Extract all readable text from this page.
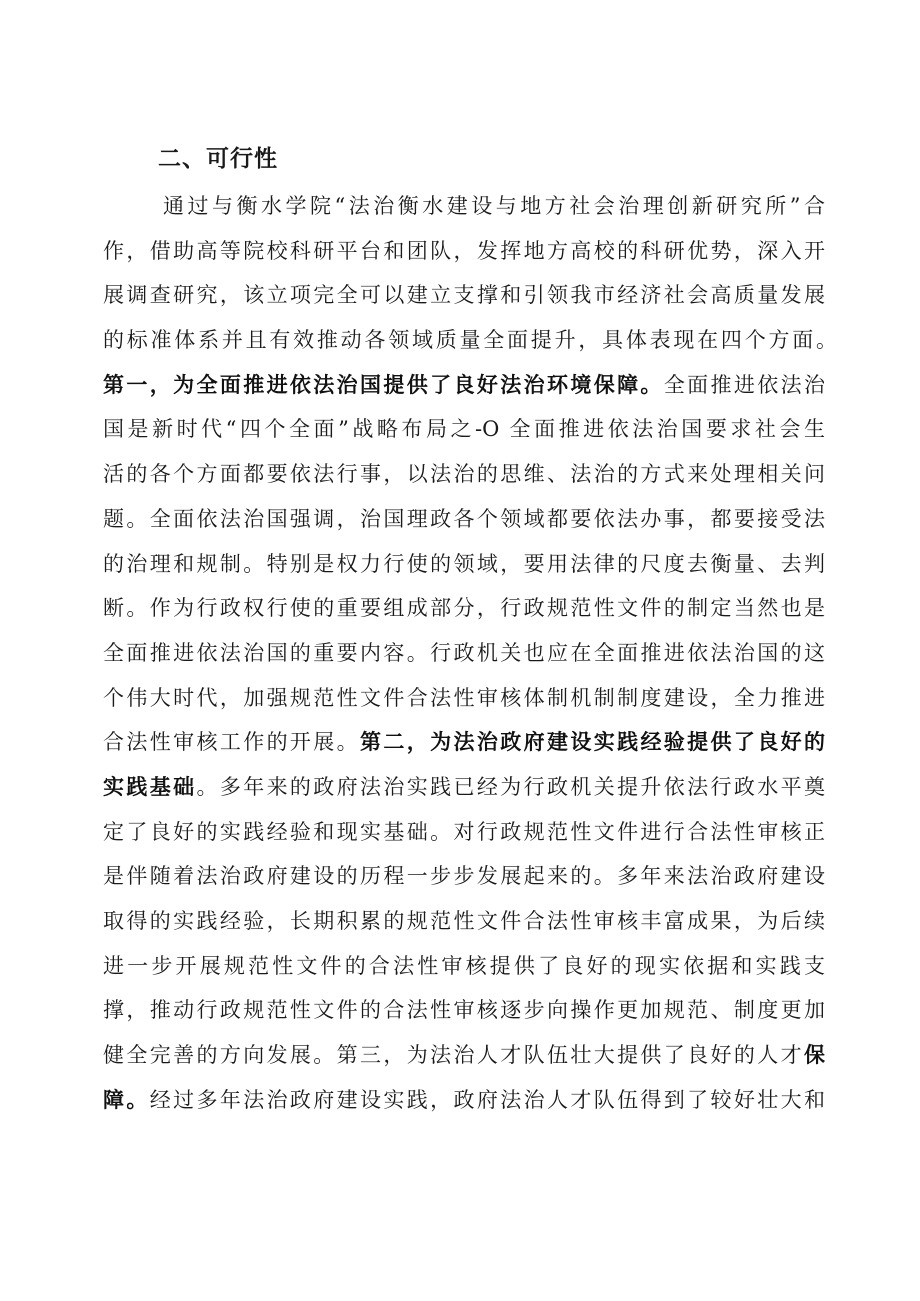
二、可行性
通过与衡水学院“法治衡水建设与地方社会治理创新研究所”合
作，借助高等院校科研平台和团队，发挥地方高校的科研优势，深入开
展调查研究，该立项完全可以建立支撑和引领我市经济社会高质量发展
的标准体系并且有效推动各领域质量全面提升，具体表现在四个方面。
第一，为全面推进依法治国提供了良好法治环境保障。全面推进依法治
国是新时代“四个全面”战略布局之-O 全面推进依法治国要求社会生
活的各个方面都要依法行事，以法治的思维、法治的方式来处理相关问
题。全面依法治国强调，治国理政各个领域都要依法办事，都要接受法
的治理和规制。特别是权力行使的领域，要用法律的尺度去衡量、去判
断。作为行政权行使的重要组成部分，行政规范性文件的制定当然也是
全面推进依法治国的重要内容。行政机关也应在全面推进依法治国的这
个伟大时代，加强规范性文件合法性审核体制机制制度建设，全力推进
合法性审核工作的开展。第二，为法治政府建设实践经验提供了良好的
实践基础。多年来的政府法治实践已经为行政机关提升依法行政水平奠
定了良好的实践经验和现实基础。对行政规范性文件进行合法性审核正
是伴随着法治政府建设的历程一步步发展起来的。多年来法治政府建设
取得的实践经验，长期积累的规范性文件合法性审核丰富成果，为后续
进一步开展规范性文件的合法性审核提供了良好的现实依据和实践支
撑，推动行政规范性文件的合法性审核逐步向操作更加规范、制度更加
健全完善的方向发展。第三，为法治人才队伍壮大提供了良好的人才保
障。经过多年法治政府建设实践，政府法治人才队伍得到了较好壮大和
